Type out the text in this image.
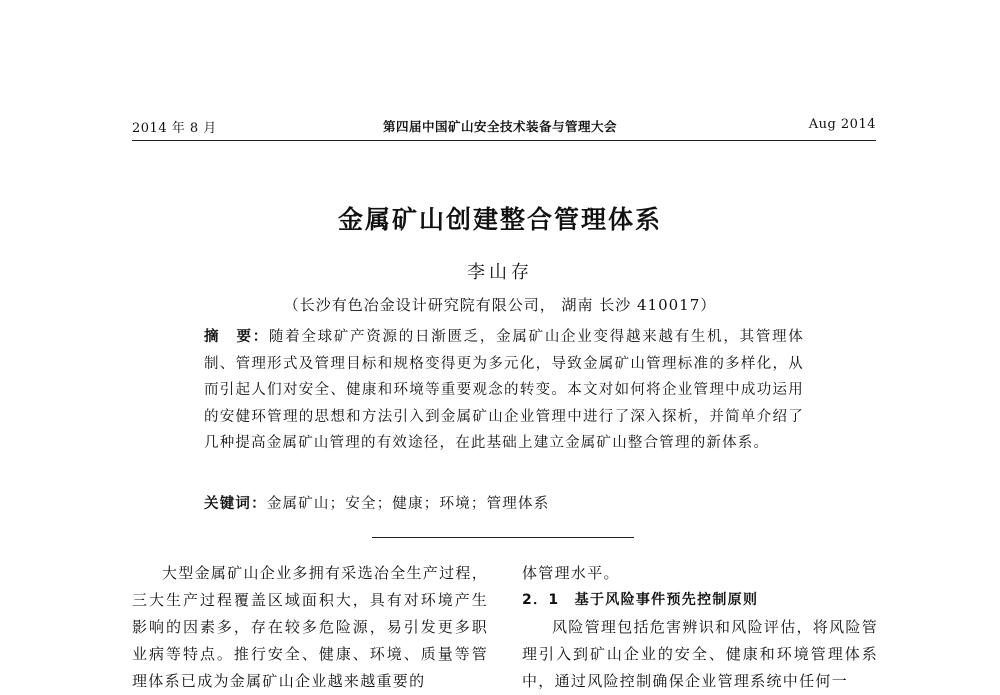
2014 年 8 月	第四届中国矿山安全技术装备与管理大会	Aug 2014
金属矿山创建整合管理体系
李山存
（长沙有色冶金设计研究院有限公司， 湖南 长沙 410017）
摘　要：随着全球矿产资源的日渐匮乏，金属矿山企业变得越来越有生机，其管理体制、管理形式及管理目标和规格变得更为多元化，导致金属矿山管理标准的多样化，从而引起人们对安全、健康和环境等重要观念的转变。本文对如何将企业管理中成功运用的安健环管理的思想和方法引入到金属矿山企业管理中进行了深入探析，并简单介绍了几种提高金属矿山管理的有效途径，在此基础上建立金属矿山整合管理的新体系。
关键词：金属矿山；安全；健康；环境；管理体系
大型金属矿山企业多拥有采选冶全生产过程，三大生产过程覆盖区域面积大，具有对环境产生影响的因素多，存在较多危险源，易引发更多职业病等特点。推行安全、健康、环境、质量等管理体系已成为金属矿山企业越来越重要的

体管理水平。

2．1　基于风险事件预先控制原则

风险管理包括危害辨识和风险评估，将风险管理引入到矿山企业的安全、健康和环境管理体系中，通过风险控制确保企业管理系统中任何一
